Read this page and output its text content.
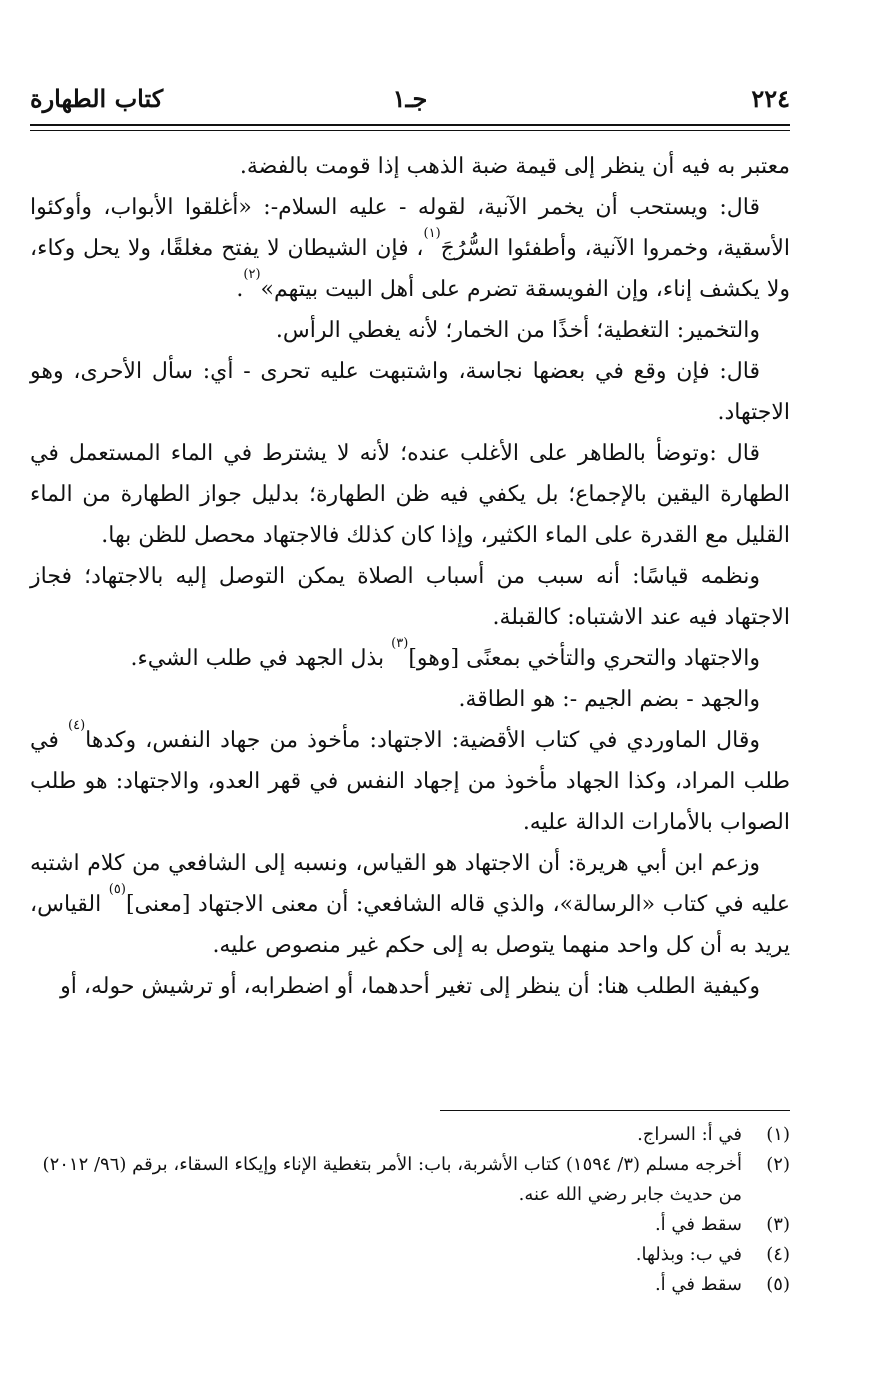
٢٢٤
جـ١
كتاب الطهارة

معتبر به فيه أن ينظر إلى قيمة ضبة الذهب إذا قومت بالفضة.

قال: ويستحب أن يخمر الآنية، لقوله - عليه السلام-: «أغلقوا الأبواب، وأوكئوا الأسقية، وخمروا الآنية، وأطفئوا السُّرُجَ$^{(١)}$، فإن الشيطان لا يفتح مغلقًا، ولا يحل وكاء، ولا يكشف إناء، وإن الفويسقة تضرم على أهل البيت بيتهم»$^{(٢)}$.

والتخمير: التغطية؛ أخذًا من الخمار؛ لأنه يغطي الرأس.

قال: فإن وقع في بعضها نجاسة، واشتبهت عليه تحرى - أي: سأل الأحرى، وهو الاجتهاد.

قال :وتوضأ بالطاهر على الأغلب عنده؛ لأنه لا يشترط في الماء المستعمل في الطهارة اليقين بالإجماع؛ بل يكفي فيه ظن الطهارة؛ بدليل جواز الطهارة من الماء القليل مع القدرة على الماء الكثير، وإذا كان كذلك فالاجتهاد محصل للظن بها.

ونظمه قياسًا: أنه سبب من أسباب الصلاة يمكن التوصل إليه بالاجتهاد؛ فجاز الاجتهاد فيه عند الاشتباه: كالقبلة.

والاجتهاد والتحري والتأخي بمعنًى [وهو]$^{(٣)}$ بذل الجهد في طلب الشيء.

والجهد - بضم الجيم -: هو الطاقة.

وقال الماوردي في كتاب الأقضية: الاجتهاد: مأخوذ من جهاد النفس، وكدها$^{(٤)}$ في طلب المراد، وكذا الجهاد مأخوذ من إجهاد النفس في قهر العدو، والاجتهاد: هو طلب الصواب بالأمارات الدالة عليه.

وزعم ابن أبي هريرة: أن الاجتهاد هو القياس، ونسبه إلى الشافعي من كلام اشتبه عليه في كتاب «الرسالة»، والذي قاله الشافعي: أن معنى الاجتهاد [معنى]$^{(٥)}$ القياس، يريد به أن كل واحد منهما يتوصل به إلى حكم غير منصوص عليه.

وكيفية الطلب هنا: أن ينظر إلى تغير أحدهما، أو اضطرابه، أو ترشيش حوله، أو

(١)
في أ: السراج.
(٢)
أخرجه مسلم (٣/ ١٥٩٤) كتاب الأشربة، باب: الأمر بتغطية الإناء وإيكاء السقاء، برقم (٩٦/ ٢٠١٢) من حديث جابر رضي الله عنه.
(٣)
سقط في أ.
(٤)
في ب: وبذلها.
(٥)
سقط في أ.
